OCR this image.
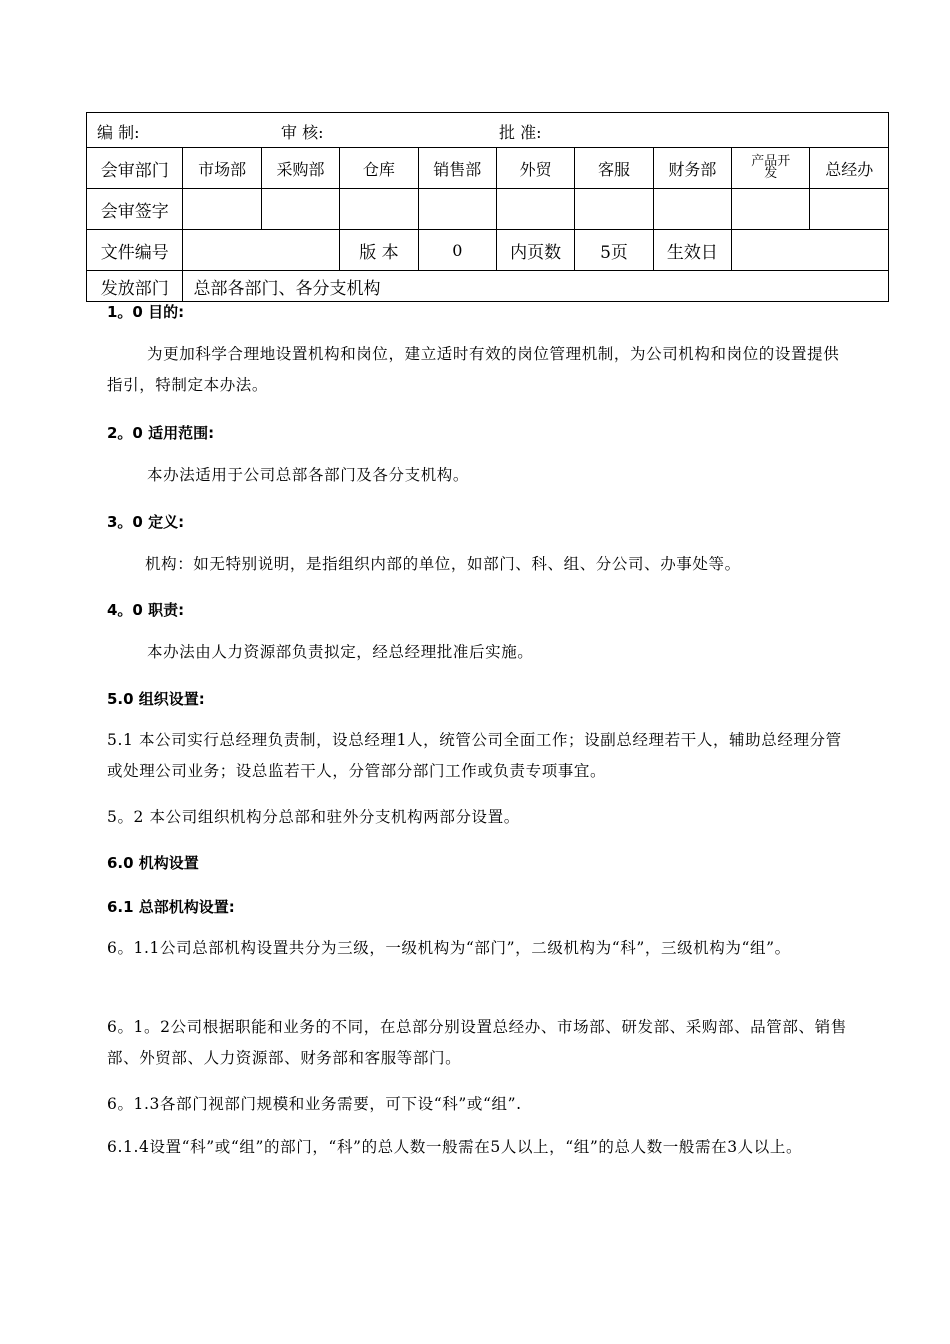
编 制: 审 核: 批 准:									

会审部门	市场部	采购部	仓库	销售部	外贸	客服	财务部	产品开发	总经办

会审签字									

文件编号			版 本	0	内页数	5页	生效日		

发放部门	总部各部门、各分支机构								
1。0 目的:

为更加科学合理地设置机构和岗位，建立适时有效的岗位管理机制，为公司机构和岗位的设置提供指引，特制定本办法。

2。0 适用范围:

本办法适用于公司总部各部门及各分支机构。

3。0 定义:

机构：如无特别说明，是指组织内部的单位，如部门、科、组、分公司、办事处等。

4。0 职责:

本办法由人力资源部负责拟定，经总经理批准后实施。

5.0 组织设置:

5.1 本公司实行总经理负责制，设总经理1人，统管公司全面工作；设副总经理若干人，辅助总经理分管或处理公司业务；设总监若干人，分管部分部门工作或负责专项事宜。

5。2 本公司组织机构分总部和驻外分支机构两部分设置。

6.0 机构设置
6.1 总部机构设置:

6。1.1公司总部机构设置共分为三级，一级机构为“部门”，二级机构为“科”，三级机构为“组”。

6。1。2公司根据职能和业务的不同，在总部分别设置总经办、市场部、研发部、采购部、品管部、销售部、外贸部、人力资源部、财务部和客服等部门。

6。1.3各部门视部门规模和业务需要，可下设“科”或“组”.

6.1.4设置“科”或“组”的部门，“科”的总人数一般需在5人以上，“组”的总人数一般需在3人以上。
